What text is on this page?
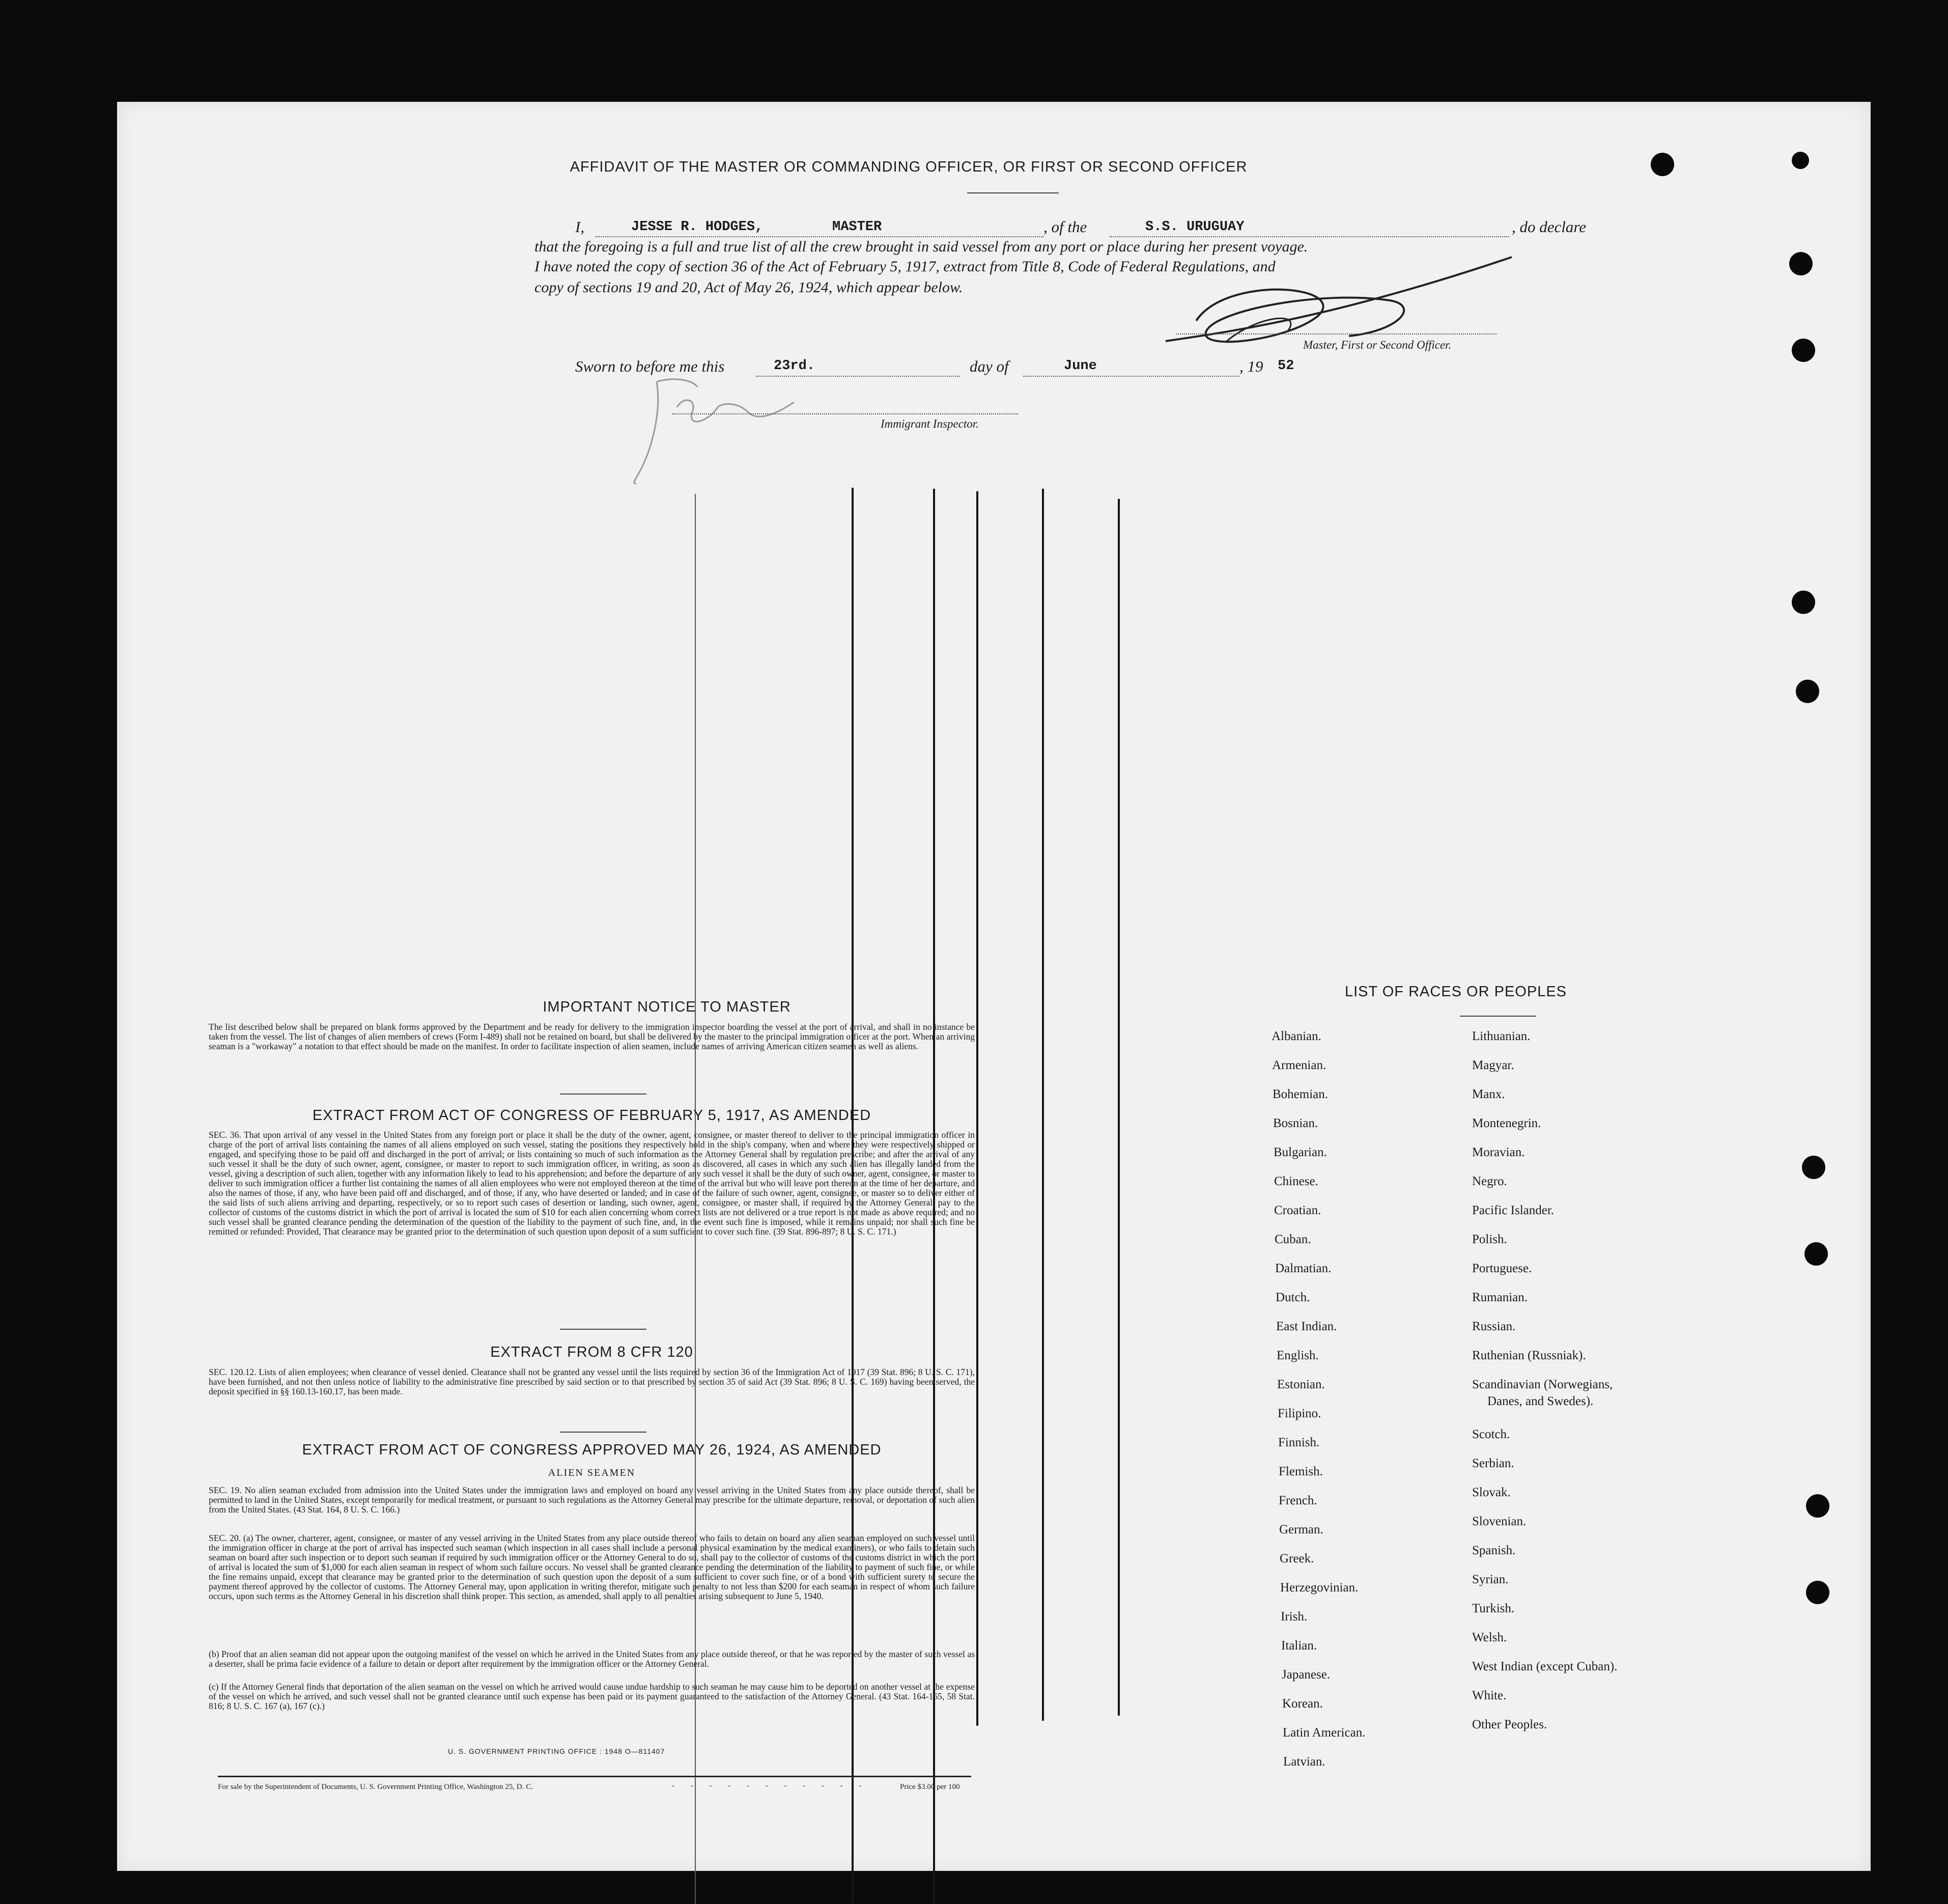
AFFIDAVIT OF THE MASTER OR COMMANDING OFFICER, OR FIRST OR SECOND OFFICER
I,	JESSE R. HODGES,	MASTER	, of the	S.S. URUGUAY	, do declare
that the foregoing is a full and true list of all the crew brought in said vessel from any port or place during her present voyage.
I have noted the copy of section 36 of the Act of February 5, 1917, extract from Title 8, Code of Federal Regulations, and
copy of sections 19 and 20, Act of May 26, 1924, which appear below.
Master, First or Second Officer.
Sworn to before me this	23rd.	day of	June	, 19 52
Immigrant Inspector.
IMPORTANT NOTICE TO MASTER
The list described below shall be prepared on blank forms approved by the Department and be ready for delivery to the immigration inspector boarding the vessel at the port of arrival, and shall in no instance be taken from the vessel. The list of changes of alien members of crews (Form I-489) shall not be retained on board, but shall be delivered by the master to the principal immigration officer at the port. When an arriving seaman is a "workaway" a notation to that effect should be made on the manifest. In order to facilitate inspection of alien seamen, include names of arriving American citizen seamen as well as aliens.
EXTRACT FROM ACT OF CONGRESS OF FEBRUARY 5, 1917, AS AMENDED
SEC. 36. That upon arrival of any vessel in the United States from any foreign port or place it shall be the duty of the owner, agent, consignee, or master thereof to deliver to the principal immigration officer in charge of the port of arrival lists containing the names of all aliens employed on such vessel, stating the positions they respectively hold in the ship's company, when and where they were respectively shipped or engaged, and specifying those to be paid off and discharged in the port of arrival; or lists containing so much of such information as the Attorney General shall by regulation prescribe; and after the arrival of any such vessel it shall be the duty of such owner, agent, consignee, or master to report to such immigration officer, in writing, as soon as discovered, all cases in which any such alien has illegally landed from the vessel, giving a description of such alien, together with any information likely to lead to his apprehension; and before the departure of any such vessel it shall be the duty of such owner, agent, consignee, or master to deliver to such immigration officer a further list containing the names of all alien employees who were not employed thereon at the time of the arrival but who will leave port thereon at the time of her departure, and also the names of those, if any, who have been paid off and discharged, and of those, if any, who have deserted or landed; and in case of the failure of such owner, agent, consignee, or master so to deliver either of the said lists of such aliens arriving and departing, respectively, or so to report such cases of desertion or landing, such owner, agent, consignee, or master shall, if required by the Attorney General, pay to the collector of customs of the customs district in which the port of arrival is located the sum of $10 for each alien concerning whom correct lists are not delivered or a true report is not made as above required; and no such vessel shall be granted clearance pending the determination of the question of the liability to the payment of such fine, and, in the event such fine is imposed, while it remains unpaid; nor shall such fine be remitted or refunded: Provided, That clearance may be granted prior to the determination of such question upon deposit of a sum sufficient to cover such fine. (39 Stat. 896-897; 8 U. S. C. 171.)
EXTRACT FROM 8 CFR 120
SEC. 120.12. Lists of alien employees; when clearance of vessel denied. Clearance shall not be granted any vessel until the lists required by section 36 of the Immigration Act of 1917 (39 Stat. 896; 8 U. S. C. 171), have been furnished, and not then unless notice of liability to the administrative fine prescribed by said section or to that prescribed by section 35 of said Act (39 Stat. 896; 8 U. S. C. 169) having been served, the deposit specified in §§ 160.13-160.17, has been made.
EXTRACT FROM ACT OF CONGRESS APPROVED MAY 26, 1924, AS AMENDED
ALIEN SEAMEN
SEC. 19. No alien seaman excluded from admission into the United States under the immigration laws and employed on board any vessel arriving in the United States from any place outside thereof, shall be permitted to land in the United States, except temporarily for medical treatment, or pursuant to such regulations as the Attorney General may prescribe for the ultimate departure, removal, or deportation of such alien from the United States. (43 Stat. 164, 8 U. S. C. 166.)
SEC. 20. (a) The owner, charterer, agent, consignee, or master of any vessel arriving in the United States from any place outside thereof who fails to detain on board any alien seaman employed on such vessel until the immigration officer in charge at the port of arrival has inspected such seaman (which inspection in all cases shall include a personal physical examination by the medical examiners), or who fails to detain such seaman on board after such inspection or to deport such seaman if required by such immigration officer or the Attorney General to do so, shall pay to the collector of customs of the customs district in which the port of arrival is located the sum of $1,000 for each alien seaman in respect of whom such failure occurs. No vessel shall be granted clearance pending the determination of the liability to payment of such fine, or while the fine remains unpaid, except that clearance may be granted prior to the determination of such question upon the deposit of a sum sufficient to cover such fine, or of a bond with sufficient surety to secure the payment thereof approved by the collector of customs. The Attorney General may, upon application in writing therefor, mitigate such penalty to not less than $200 for each seaman in respect of whom such failure occurs, upon such terms as the Attorney General in his discretion shall think proper. This section, as amended, shall apply to all penalties arising subsequent to June 5, 1940.
(b) Proof that an alien seaman did not appear upon the outgoing manifest of the vessel on which he arrived in the United States from any place outside thereof, or that he was reported by the master of such vessel as a deserter, shall be prima facie evidence of a failure to detain or deport after requirement by the immigration officer or the Attorney General.
(c) If the Attorney General finds that deportation of the alien seaman on the vessel on which he arrived would cause undue hardship to such seaman he may cause him to be deported on another vessel at the expense of the vessel on which he arrived, and such vessel shall not be granted clearance until such expense has been paid or its payment guaranteed to the satisfaction of the Attorney General. (43 Stat. 164-165, 58 Stat. 816; 8 U. S. C. 167 (a), 167 (c).)
U. S. GOVERNMENT PRINTING OFFICE : 1948 O—811407
For sale by the Superintendent of Documents, U. S. Government Printing Office, Washington 25, D. C.	- - - - - - - - - - -	Price $3.00 per 100
LIST OF RACES OR PEOPLES
Albanian.
Armenian.
Bohemian.
Bosnian.
Bulgarian.
Chinese.
Croatian.
Cuban.
Dalmatian.
Dutch.
East Indian.
English.
Estonian.
Filipino.
Finnish.
Flemish.
French.
German.
Greek.
Herzegovinian.
Irish.
Italian.
Japanese.
Korean.
Latin American.
Latvian.
Lithuanian.
Magyar.
Manx.
Montenegrin.
Moravian.
Negro.
Pacific Islander.
Polish.
Portuguese.
Rumanian.
Russian.
Ruthenian (Russniak).
Scandinavian (Norwegians,
Danes, and Swedes).
Scotch.
Serbian.
Slovak.
Slovenian.
Spanish.
Syrian.
Turkish.
Welsh.
West Indian (except Cuban).
White.
Other Peoples.
